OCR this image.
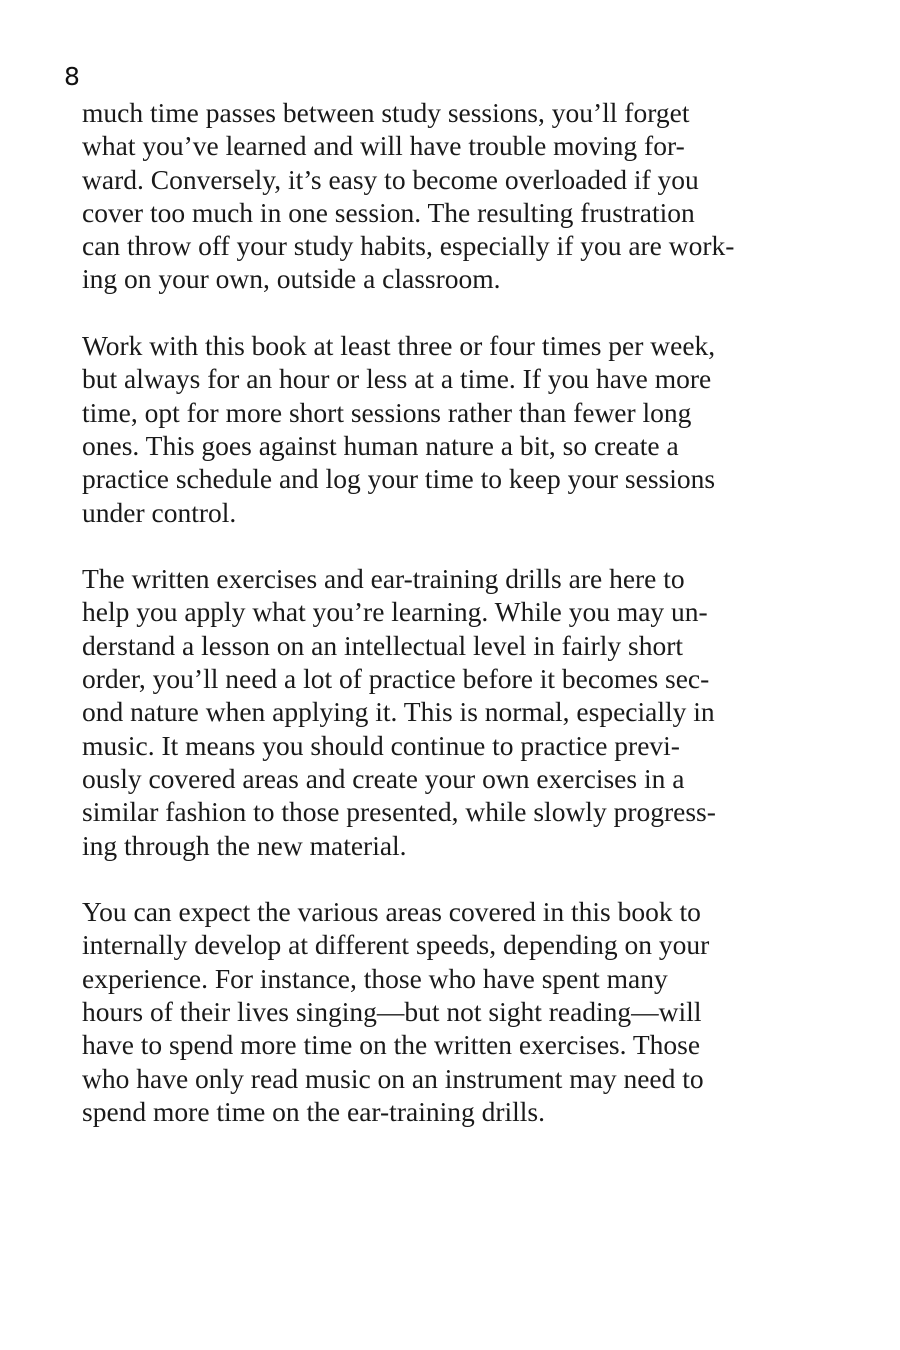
8

much time passes between study sessions, you’ll forget
what you’ve learned and will have trouble moving for-
ward. Conversely, it’s easy to become overloaded if you
cover too much in one session. The resulting frustration
can throw off your study habits, especially if you are work-
ing on your own, outside a classroom.

Work with this book at least three or four times per week,
but always for an hour or less at a time. If you have more
time, opt for more short sessions rather than fewer long
ones. This goes against human nature a bit, so create a
practice schedule and log your time to keep your sessions
under control.

The written exercises and ear-training drills are here to
help you apply what you’re learning. While you may un-
derstand a lesson on an intellectual level in fairly short
order, you’ll need a lot of practice before it becomes sec-
ond nature when applying it. This is normal, especially in
music. It means you should continue to practice previ-
ously covered areas and create your own exercises in a
similar fashion to those presented, while slowly progress-
ing through the new material.

You can expect the various areas covered in this book to
internally develop at different speeds, depending on your
experience. For instance, those who have spent many
hours of their lives singing—but not sight reading—will
have to spend more time on the written exercises. Those
who have only read music on an instrument may need to
spend more time on the ear-training drills.
